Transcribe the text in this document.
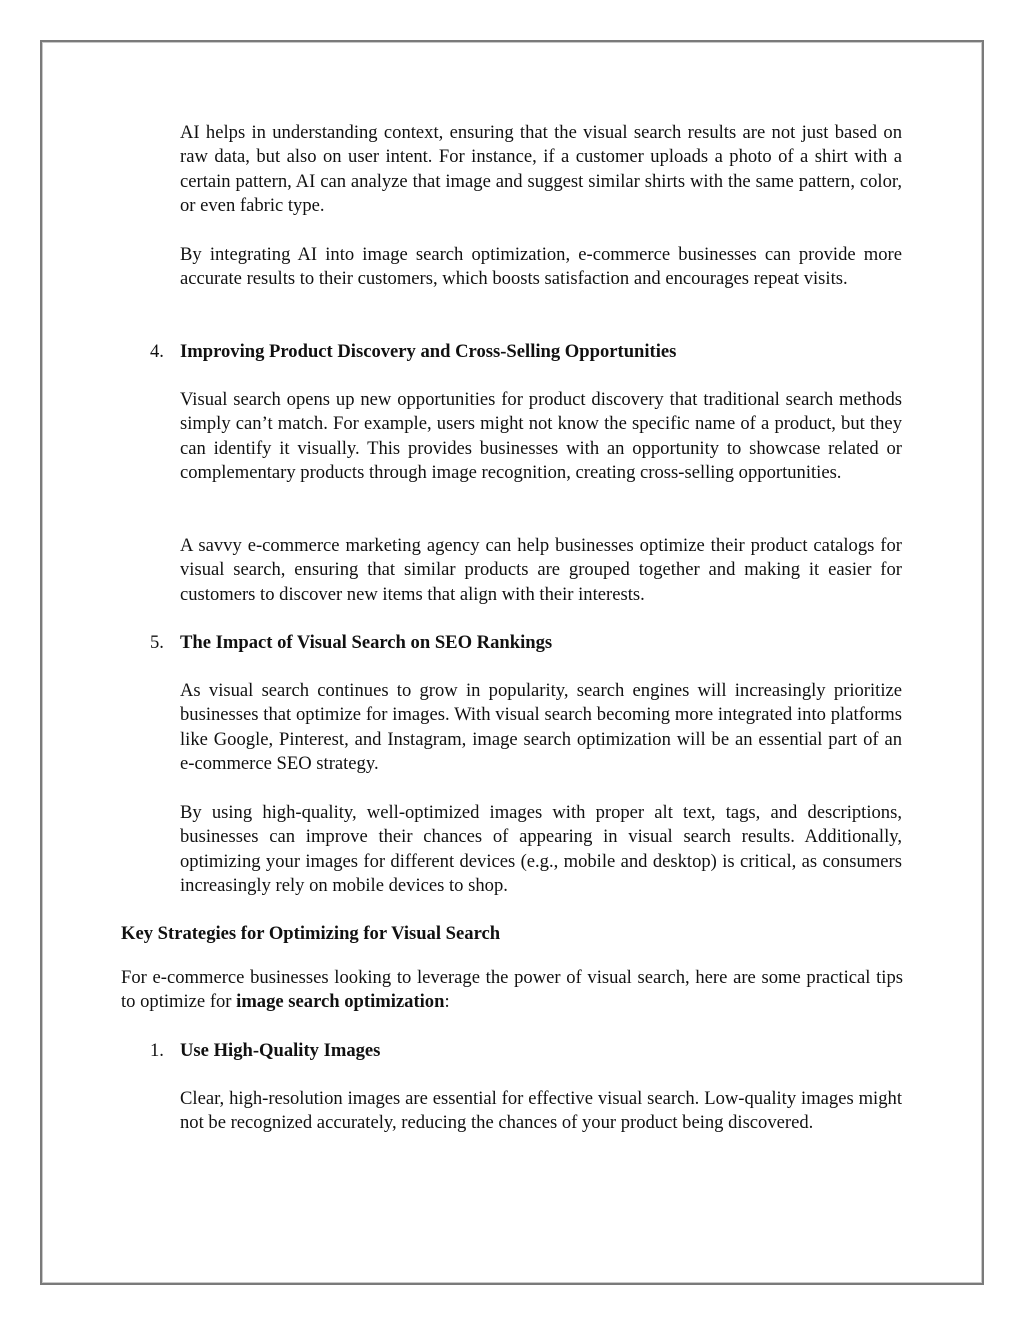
AI helps in understanding context, ensuring that the visual search results are not just based on raw data, but also on user intent. For instance, if a customer uploads a photo of a shirt with a certain pattern, AI can analyze that image and suggest similar shirts with the same pattern, color, or even fabric type.

By integrating AI into image search optimization, e-commerce businesses can provide more accurate results to their customers, which boosts satisfaction and encourages repeat visits.

4. Improving Product Discovery and Cross-Selling Opportunities

Visual search opens up new opportunities for product discovery that traditional search methods simply can’t match. For example, users might not know the specific name of a product, but they can identify it visually. This provides businesses with an opportunity to showcase related or complementary products through image recognition, creating cross-selling opportunities.

A savvy e-commerce marketing agency can help businesses optimize their product catalogs for visual search, ensuring that similar products are grouped together and making it easier for customers to discover new items that align with their interests.

5. The Impact of Visual Search on SEO Rankings

As visual search continues to grow in popularity, search engines will increasingly prioritize businesses that optimize for images. With visual search becoming more integrated into platforms like Google, Pinterest, and Instagram, image search optimization will be an essential part of an e-commerce SEO strategy.

By using high-quality, well-optimized images with proper alt text, tags, and descriptions, businesses can improve their chances of appearing in visual search results. Additionally, optimizing your images for different devices (e.g., mobile and desktop) is critical, as consumers increasingly rely on mobile devices to shop.

Key Strategies for Optimizing for Visual Search

For e-commerce businesses looking to leverage the power of visual search, here are some practical tips to optimize for image search optimization:

1. Use High-Quality Images

Clear, high-resolution images are essential for effective visual search. Low-quality images might not be recognized accurately, reducing the chances of your product being discovered.
